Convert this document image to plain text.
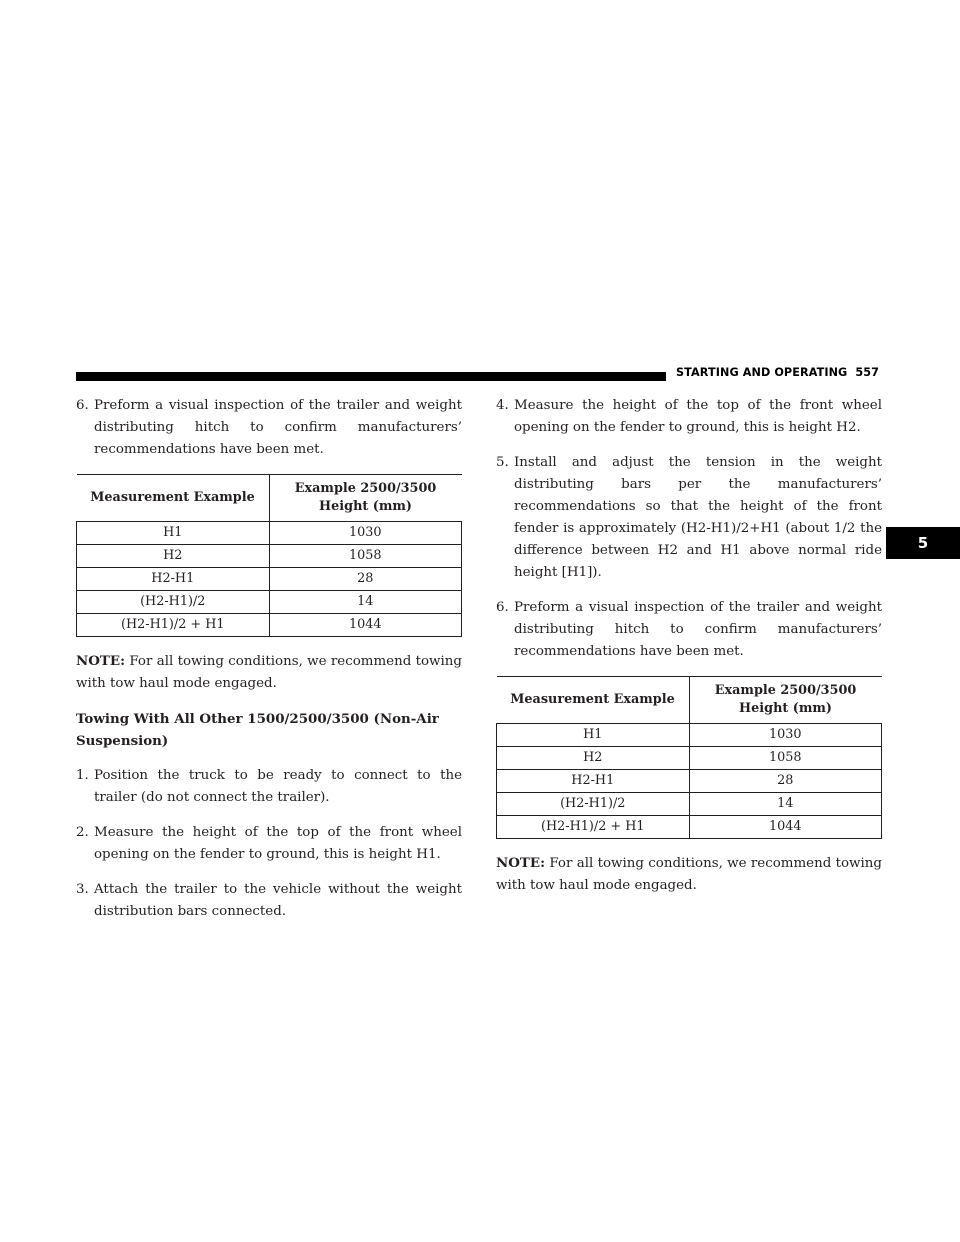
STARTING AND OPERATING 557
5
6. Preform a visual inspection of the trailer and weight distributing hitch to confirm manufacturers’ recommendations have been met.
Measurement Example	Example 2500/3500 Height (mm)
H1	1030
H2	1058
H2-H1	28
(H2-H1)/2	14
(H2-H1)/2 + H1	1044

NOTE: For all towing conditions, we recommend towing with tow haul mode engaged.

Towing With All Other 1500/2500/3500 (Non-Air Suspension)

1. Position the truck to be ready to connect to the trailer (do not connect the trailer).
2. Measure the height of the top of the front wheel opening on the fender to ground, this is height H1.
3. Attach the trailer to the vehicle without the weight distribution bars connected.
4. Measure the height of the top of the front wheel opening on the fender to ground, this is height H2.
5. Install and adjust the tension in the weight distributing bars per the manufacturers’ recommendations so that the height of the front fender is approximately (H2-H1)/2+H1 (about 1/2 the difference between H2 and H1 above normal ride height [H1]).
6. Preform a visual inspection of the trailer and weight distributing hitch to confirm manufacturers’ recommendations have been met.
Measurement Example	Example 2500/3500 Height (mm)
H1	1030
H2	1058
H2-H1	28
(H2-H1)/2	14
(H2-H1)/2 + H1	1044

NOTE: For all towing conditions, we recommend towing with tow haul mode engaged.
